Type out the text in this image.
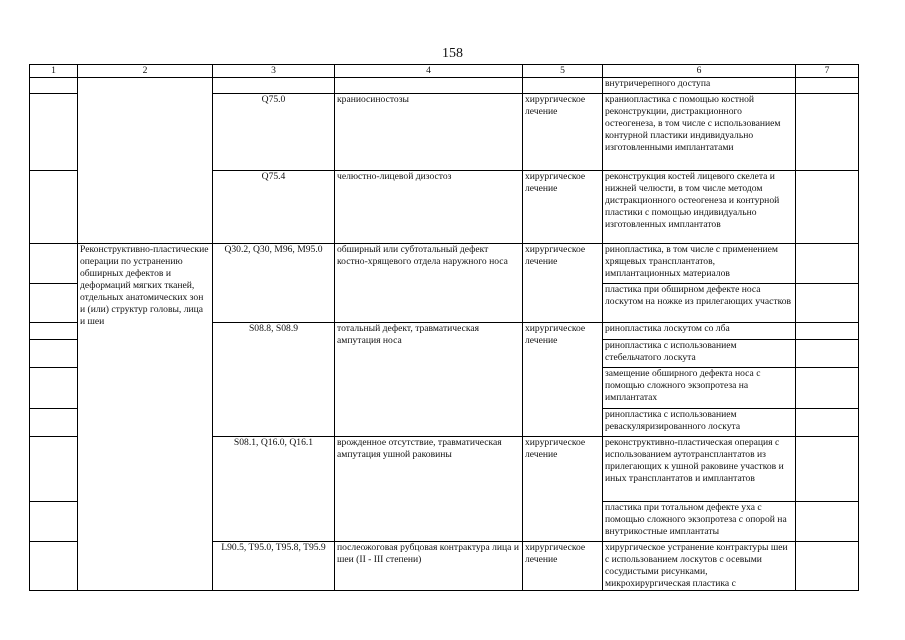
158
1	2	3	4	5	6	7
					внутричерепного доступа	
		Q75.0	краниосиностозы	хирургическое лечение	краниопластика с помощью костной реконструкции, дистракционного остеогенеза, в том числе с использованием контурной пластики индивидуально изготовленными имплантатами	
		Q75.4	челюстно-лицевой дизостоз	хирургическое лечение	реконструкция костей лицевого скелета и нижней челюсти, в том числе методом дистракционного остеогенеза и контурной пластики с помощью индивидуально изготовленных имплантатов	
	Реконструктивно-пластические операции по устранению обширных дефектов и деформаций мягких тканей, отдельных анатомических зон и (или) структур головы, лица и шеи	Q30.2, Q30, M96, M95.0	обширный или субтотальный дефект костно-хрящевого отдела наружного носа	хирургическое лечение	ринопластика, в том числе с применением хрящевых трансплантатов, имплантационных материалов	
					пластика при обширном дефекте носа лоскутом на ножке из прилегающих участков	
		S08.8, S08.9	тотальный дефект, травматическая ампутация носа	хирургическое лечение	ринопластика лоскутом со лба	
					ринопластика с использованием стебельчатого лоскута	
					замещение обширного дефекта носа с помощью сложного экзопротеза на имплантатах	
					ринопластика с использованием реваскуляризированного лоскута	
		S08.1, Q16.0, Q16.1	врожденное отсутствие, травматическая ампутация ушной раковины	хирургическое лечение	реконструктивно-пластическая операция с использованием аутотрансплантатов из прилегающих к ушной раковине участков и иных трансплантатов и имплантатов	
					пластика при тотальном дефекте уха с помощью сложного экзопротеза с опорой на внутрикостные имплантаты	
		L90.5, T95.0, T95.8, T95.9	послеожоговая рубцовая контрактура лица и шеи (II - III степени)	хирургическое лечение	хирургическое устранение контрактуры шеи с использованием лоскутов с осевыми сосудистыми рисунками, микрохирургическая пластика с	
